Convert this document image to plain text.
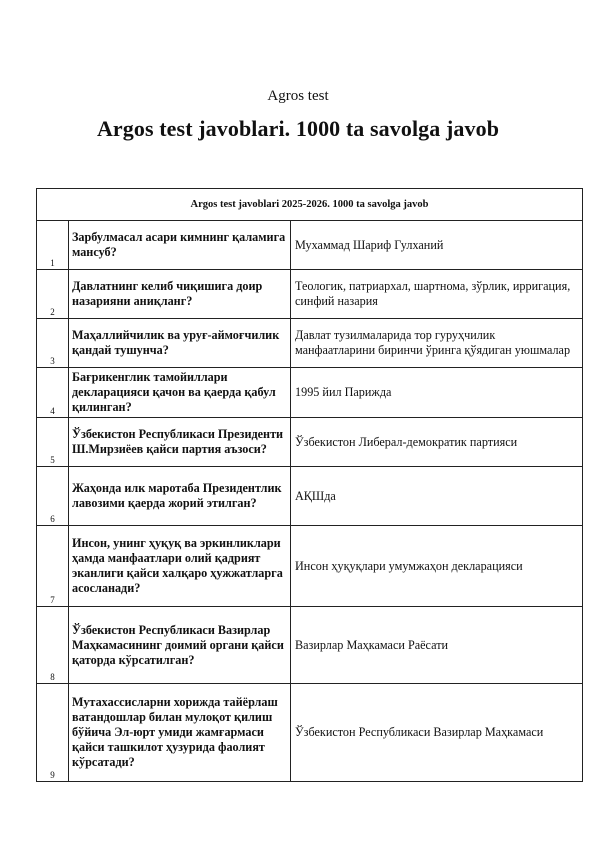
Agros test
Argos test javoblari. 1000 ta savolga javob
Argos test javoblari 2025-2026. 1000 ta savolga javob		

1	Зарбулмасал асари кимнинг қаламига мансуб?	Мухаммад Шариф Гулханий

2	Давлатнинг келиб чиқишига доир назарияни аниқланг?	Теологик, патриархал, шартнома, зўрлик, ирригация, синфий назария

3	Маҳаллийчилик ва уруғ-аймоғчилик қандай тушунча?	Давлат тузилмаларида тор гуруҳчилик манфаатларини биринчи ўринга қўядиган уюшмалар

4	Бағрикенглик тамойиллари декларацияси қачон ва қаерда қабул қилинган?	1995 йил Парижда

5	Ўзбекистон Республикаси Президенти Ш.Мирзиёев қайси партия аъзоси?	Ўзбекистон Либерал-демократик партияси

6	Жаҳонда илк маротаба Президентлик лавозими қаерда жорий этилган?	АҚШда

7	Инсон, унинг ҳуқуқ ва эркинликлари ҳамда манфаатлари олий қадрият эканлиги қайси халқаро ҳужжатларга асосланади?	Инсон ҳуқуқлари умумжаҳон декларацияси

8	Ўзбекистон Республикаси Вазирлар Маҳкамасининг доимий органи қайси қаторда кўрсатилган?	Вазирлар Маҳкамаси Раёсати

9	Мутахассисларни хорижда тайёрлаш ватандошлар билан мулоқот қилиш бўйича Эл-юрт умиди жамғармаси қайси ташкилот ҳузурида фаолият кўрсатади?	Ўзбекистон Республикаси Вазирлар Маҳкамаси
